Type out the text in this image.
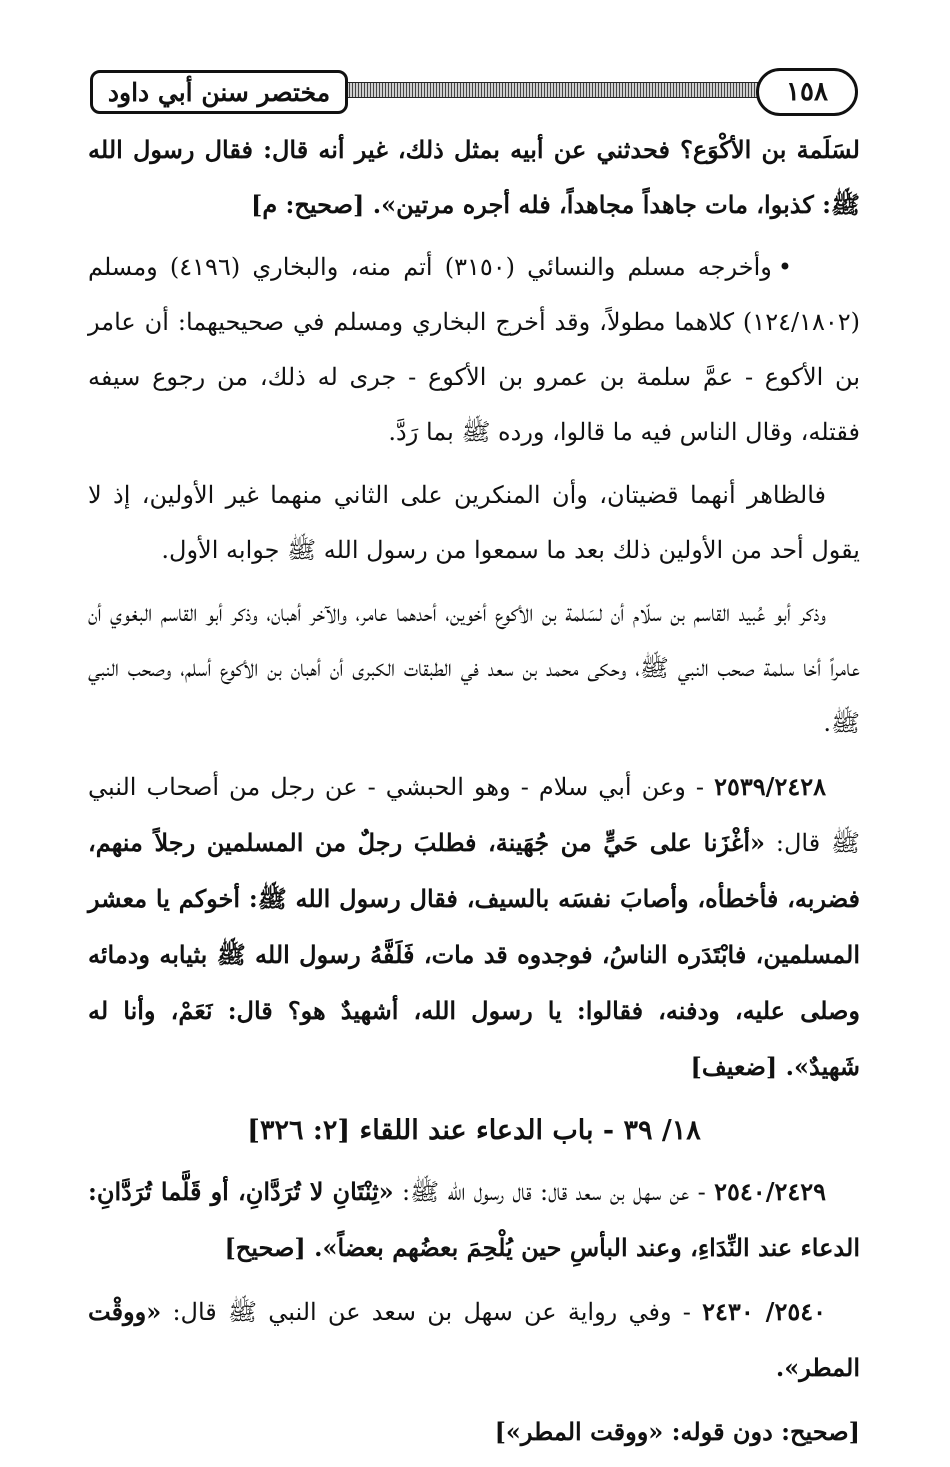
مختصر سنن أبي داود	١٥٨

لسَلَمة بن الأكْوَع؟ فحدثني عن أبيه بمثل ذلك، غير أنه قال: فقال رسول الله ﷺ: كذبوا، مات جاهداً مجاهداً، فله أجره مرتين». [صحيح: م]

•وأخرجه مسلم والنسائي (٣١٥٠) أتم منه، والبخاري (٤١٩٦) ومسلم (١٢٤/١٨٠٢) كلاهما مطولاً، وقد أخرج البخاري ومسلم في صحيحيهما: أن عامر بن الأكوع - عمَّ سلمة بن عمرو بن الأكوع - جرى له ذلك، من رجوع سيفه فقتله، وقال الناس فيه ما قالوا، ورده ﷺ بما رَدَّ.

فالظاهر أنهما قضيتان، وأن المنكرين على الثاني منهما غير الأولين، إذ لا يقول أحد من الأولين ذلك بعد ما سمعوا من رسول الله ﷺ جوابه الأول.

وذكر أبو عُبيد القاسم بن سلّام أن لسَلمة بن الأكوع أخوين، أحدهما عامر، والآخر أهبان، وذكر أبو القاسم البغوي أن عامراً أخا سلمة صحب النبي ﷺ، وحكى محمد بن سعد في الطبقات الكبرى أن أهبان بن الأكوع أسلم، وصحب النبي ﷺ.

٢٥٣٩/٢٤٢٨ - وعن أبي سلام - وهو الحبشي - عن رجل من أصحاب النبي ﷺ قال: «أغْزَنا على حَيٍّ من جُهَينة، فطلبَ رجلٌ من المسلمين رجلاً منهم، فضربه، فأخطأه، وأصابَ نفسَه بالسيف، فقال رسول الله ﷺ: أخوكم يا معشر المسلمين، فابْتَدَره الناسُ، فوجدوه قد مات، فَلَفَّهُ رسول الله ﷺ بثيابه ودمائه وصلى عليه، ودفنه، فقالوا: يا رسول الله، أشهيدٌ هو؟ قال: نَعَمْ، وأنا له شَهيدٌ». [ضعيف]

١٨/ ٣٩ - باب الدعاء عند اللقاء [٢: ٣٢٦]

٢٥٤٠/٢٤٢٩ - عن سهل بن سعد قال: قال رسول الله ﷺ: «ثِنْتَانِ لا تُرَدَّانِ، أو قَلَّما تُرَدَّانِ: الدعاء عند النِّدَاءِ، وعند البأسِ حين يُلْحِمَ بعضُهم بعضاً». [صحيح]

٢٥٤٠/ ٢٤٣٠ - وفي رواية عن سهل بن سعد عن النبي ﷺ قال: «ووقْت المطر».

[صحيح: دون قوله: «ووقت المطر»]
